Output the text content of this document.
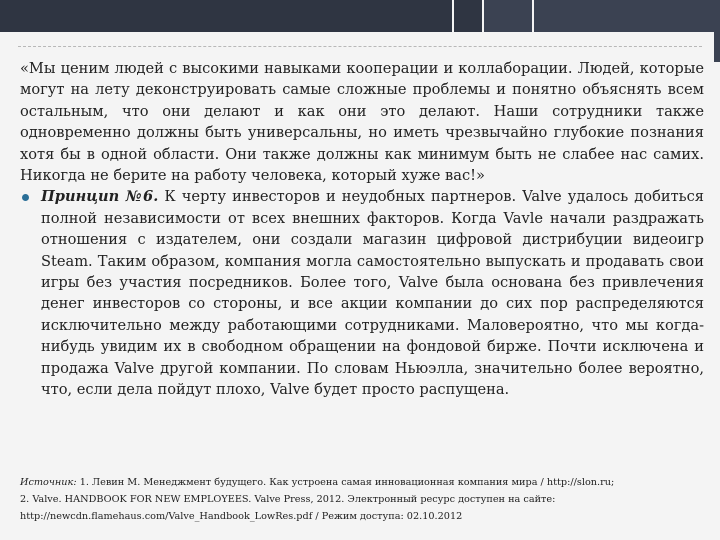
«Мы ценим людей с высокими навыками кооперации и коллаборации. Людей, которые могут на лету деконструировать самые сложные проблемы и понятно объяснять всем остальным, что они делают и как они это делают. Наши сотрудники также одновременно должны быть универсальны, но иметь чрезвычайно глубокие познания хотя бы в одной области. Они также должны как минимум быть не слабее нас самих. Никогда не берите на работу человека, который хуже вас!»

Принцип №6. К черту инвесторов и неудобных партнеров. Valve удалось добиться полной независимости от всех внешних факторов. Когда Vavle начали раздражать отношения с издателем, они создали магазин цифровой дистрибуции видеоигр Steam. Таким образом, компания могла самостоятельно выпускать и продавать свои игры без участия посредников. Более того, Valve была основана без привлечения денег инвесторов со стороны, и все акции компании до сих пор распределяются исключительно между работающими сотрудниками. Маловероятно, что мы когда-нибудь увидим их в свободном обращении на фондовой бирже. Почти исключена и продажа Valve другой компании. По словам Ньюэлла, значительно более вероятно, что, если дела пойдут плохо, Valve будет просто распущена.

Источник: 1. Левин М. Менеджмент будущего. Как устроена самая инновационная компания мира / http://slon.ru;
2. Valve. HANDBOOK FOR NEW EMPLOYEES. Valve Press, 2012. Электронный ресурс доступен на сайте:
http://newcdn.flamehaus.com/Valve_Handbook_LowRes.pdf / Режим доступа: 02.10.2012
